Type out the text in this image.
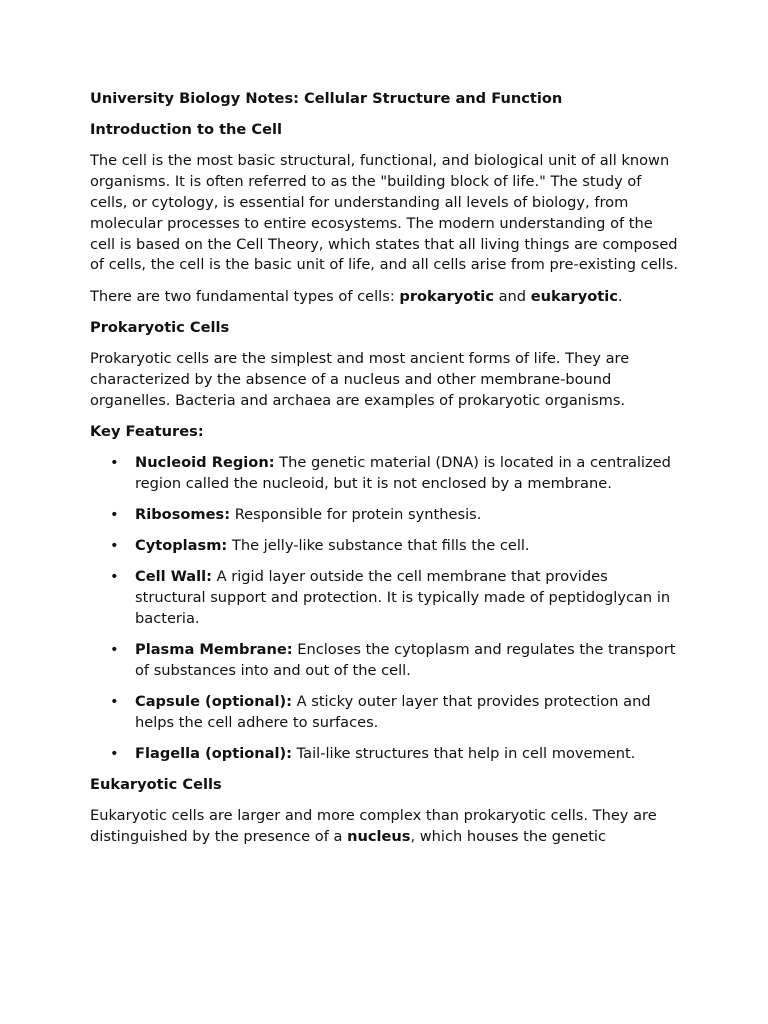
University Biology Notes: Cellular Structure and Function
Introduction to the Cell

The cell is the most basic structural, functional, and biological unit of all known organisms. It is often referred to as the "building block of life." The study of cells, or cytology, is essential for understanding all levels of biology, from molecular processes to entire ecosystems. The modern understanding of the cell is based on the Cell Theory, which states that all living things are composed of cells, the cell is the basic unit of life, and all cells arise from pre-existing cells.

There are two fundamental types of cells: prokaryotic and eukaryotic.

Prokaryotic Cells

Prokaryotic cells are the simplest and most ancient forms of life. They are characterized by the absence of a nucleus and other membrane-bound organelles. Bacteria and archaea are examples of prokaryotic organisms.

Key Features:
• Nucleoid Region: The genetic material (DNA) is located in a centralized region called the nucleoid, but it is not enclosed by a membrane.
• Ribosomes: Responsible for protein synthesis.
• Cytoplasm: The jelly-like substance that fills the cell.
• Cell Wall: A rigid layer outside the cell membrane that provides structural support and protection. It is typically made of peptidoglycan in bacteria.
• Plasma Membrane: Encloses the cytoplasm and regulates the transport of substances into and out of the cell.
• Capsule (optional): A sticky outer layer that provides protection and helps the cell adhere to surfaces.
• Flagella (optional): Tail-like structures that help in cell movement.
Eukaryotic Cells

Eukaryotic cells are larger and more complex than prokaryotic cells. They are distinguished by the presence of a nucleus, which houses the genetic
